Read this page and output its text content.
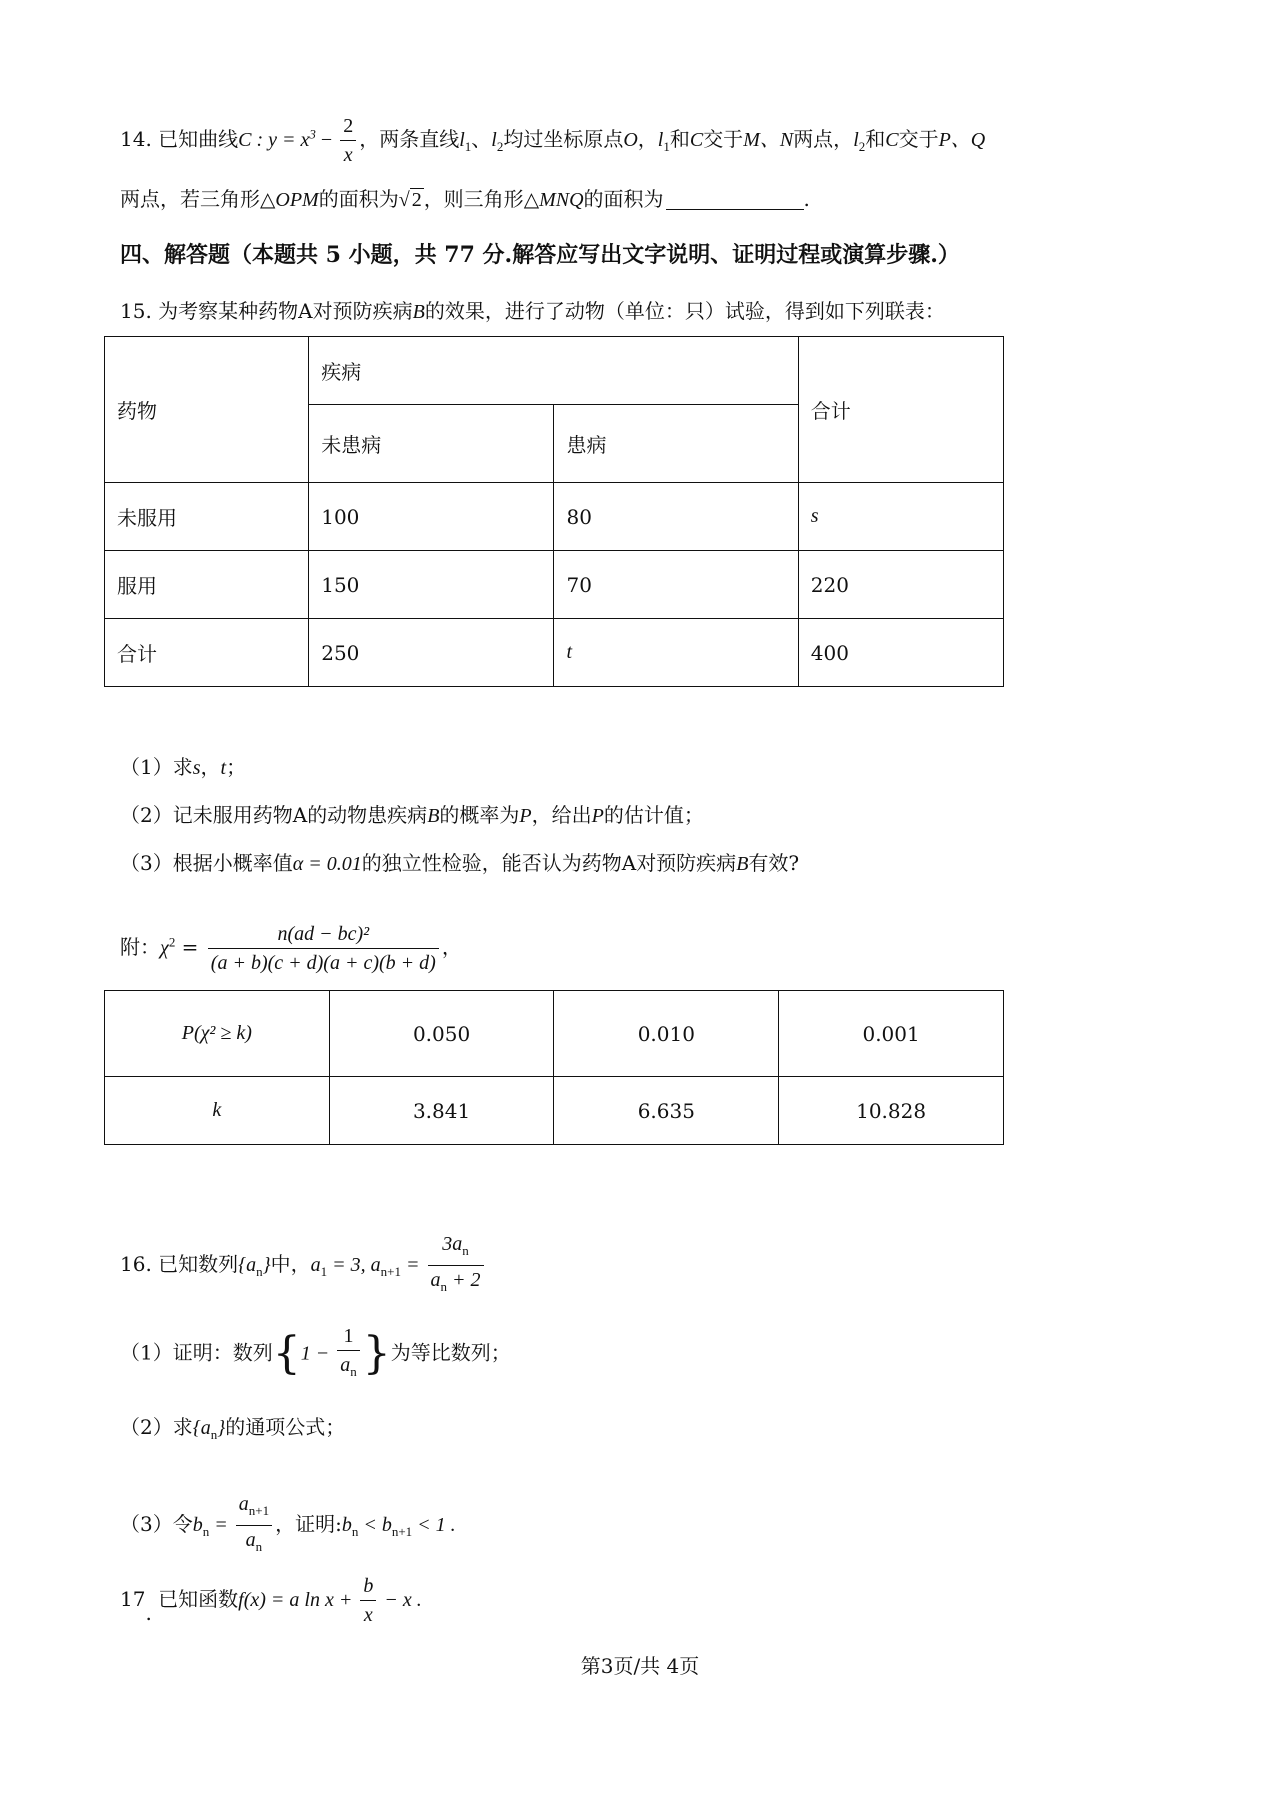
14. 已知曲线C : $y = x^3 - \frac{2}{x}$ ，两条直线$l_1$、$l_2$均过坐标原点O，$l_1$和C交于M、N两点，$l_2$和C交于P、Q
两点，若三角形△OPM的面积为√ 2 ，则三角形△MNQ的面积为	.
四、解答题（本题共 5 小题，共 77 分.解答应写出文字说明、证明过程或演算步骤.）
15. 为考察某种药物A对预防疾病B的效果，进行了动物（单位：只）试验，得到如下列联表：
药物	疾病		合计
	未患病	患病	
未服用	100	80	s
服用	150	70	220
合计	250	t	400
（1）求s，t；
（2）记未服用药物A的动物患疾病B的概率为P，给出P的估计值；
（3）根据小概率值α = 0.01的独立性检验，能否认为药物A对预防疾病B有效?
附：$\chi^2 = \frac{\text{n(ad − bc)²}}{(a + b)(c + d)(a + c)(b + d)}$ ，
P(χ² ≥ k)	0.050	0.010	0.001
k	3.841	6.635	10.828
16. 已知数列$\{a_n\}$中，$a_1 = 3$, $a_{n+1} = \frac{3a_n}{a_n + 2}$
（1）证明：数列{$1 - \frac{1}{a_n}$ }为等比数列；
（2）求$\{a_n\}$的通项公式；
（3）令$b_n = \frac{a_{n+1}}{a_n}$ ，证明$:b_n < b_{n+1} < 1$ .
17. 已知函数f(x) = a $\ln x + \frac{b}{x} - x$ .
第3页/共 4页
